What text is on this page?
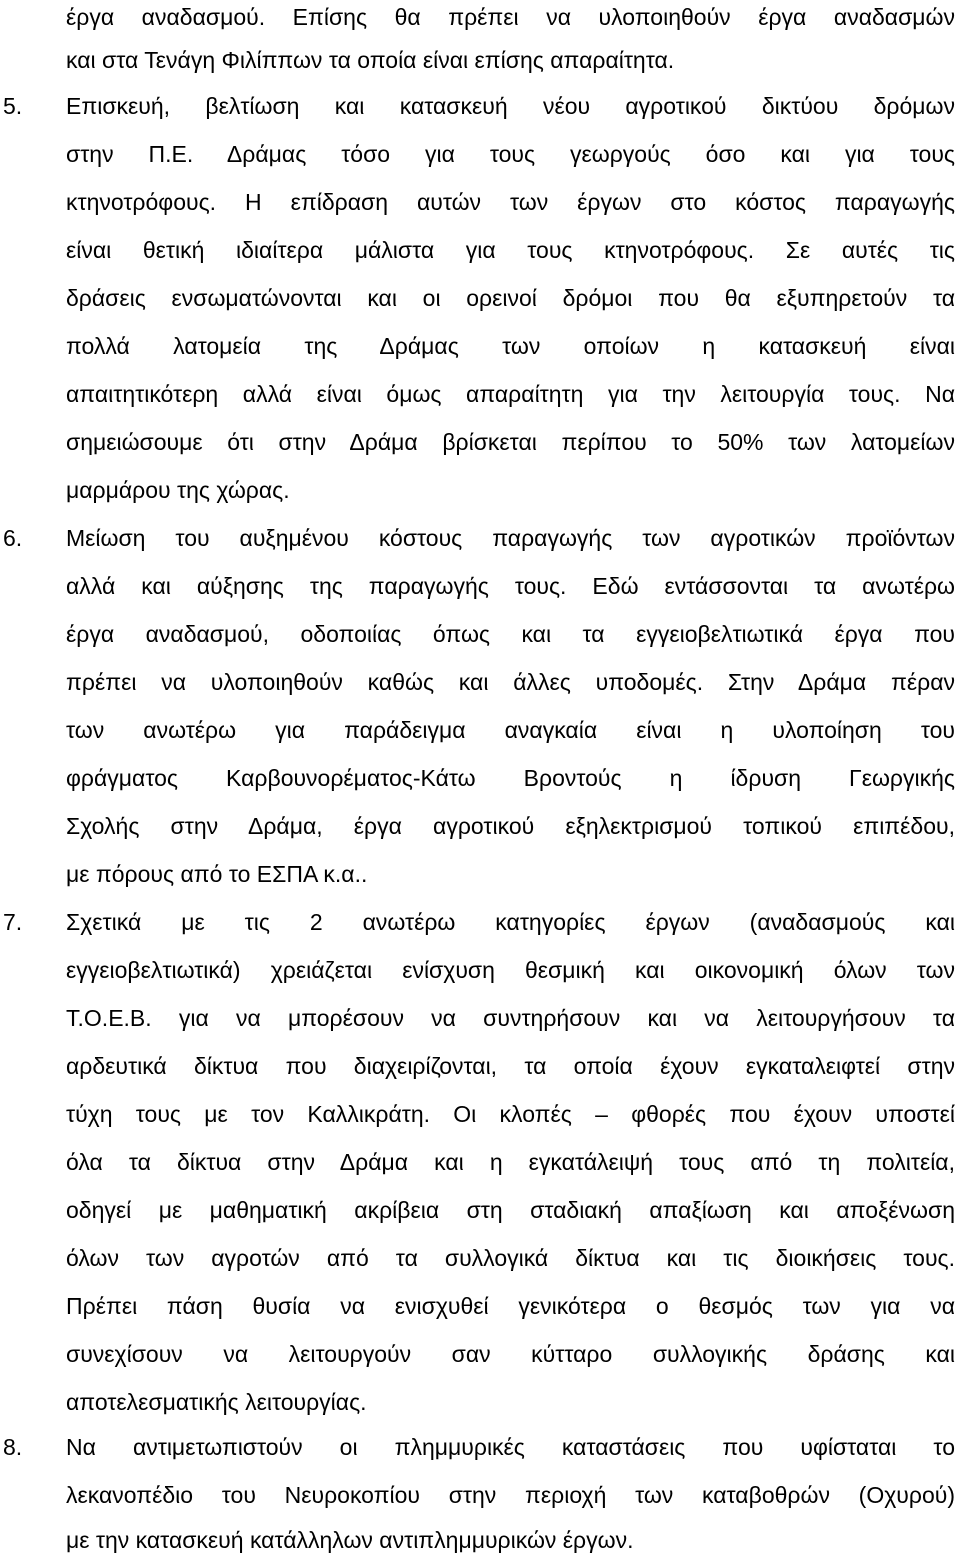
έργα αναδασμού. Επίσης θα πρέπει να υλοποιηθούν έργα αναδασμών
και στα Τενάγη Φιλίππων τα οποία είναι επίσης απαραίτητα.
5. Επισκευή, βελτίωση και κατασκευή νέου αγροτικού δικτύου δρόμων
στην Π.Ε. Δράμας τόσο για τους γεωργούς όσο και για τους
κτηνοτρόφους. Η επίδραση αυτών των έργων στο κόστος παραγωγής
είναι θετική ιδιαίτερα μάλιστα για τους κτηνοτρόφους. Σε αυτές τις
δράσεις ενσωματώνονται και οι ορεινοί δρόμοι που θα εξυπηρετούν τα
πολλά λατομεία της Δράμας των οποίων η κατασκευή είναι
απαιτητικότερη αλλά είναι όμως απαραίτητη για την λειτουργία τους. Να
σημειώσουμε ότι στην Δράμα βρίσκεται περίπου το 50% των λατομείων
μαρμάρου της χώρας.
6. Μείωση του αυξημένου κόστους παραγωγής των αγροτικών προϊόντων
αλλά και αύξησης της παραγωγής τους. Εδώ εντάσσονται τα ανωτέρω
έργα αναδασμού, οδοποιίας όπως και τα εγγειοβελτιωτικά έργα που
πρέπει να υλοποιηθούν καθώς και άλλες υποδομές. Στην Δράμα πέραν
των ανωτέρω για παράδειγμα αναγκαία είναι η υλοποίηση του
φράγματος Καρβουνορέματος-Κάτω Βροντούς η ίδρυση Γεωργικής
Σχολής στην Δράμα, έργα αγροτικού εξηλεκτρισμού τοπικού επιπέδου,
με πόρους από το ΕΣΠΑ κ.α..
7. Σχετικά με τις 2 ανωτέρω κατηγορίες έργων (αναδασμούς και
εγγειοβελτιωτικά) χρειάζεται ενίσχυση θεσμική και οικονομική όλων των
Τ.Ο.Ε.Β. για να μπορέσουν να συντηρήσουν και να λειτουργήσουν τα
αρδευτικά δίκτυα που διαχειρίζονται, τα οποία έχουν εγκαταλειφτεί στην
τύχη τους με τον Καλλικράτη. Οι κλοπές – φθορές που έχουν υποστεί
όλα τα δίκτυα στην Δράμα και η εγκατάλειψή τους από τη πολιτεία,
οδηγεί με μαθηματική ακρίβεια στη σταδιακή απαξίωση και αποξένωση
όλων των αγροτών από τα συλλογικά δίκτυα και τις διοικήσεις τους.
Πρέπει πάση θυσία να ενισχυθεί γενικότερα ο θεσμός των για να
συνεχίσουν να λειτουργούν σαν κύτταρο συλλογικής δράσης και
αποτελεσματικής λειτουργίας.
8. Να αντιμετωπιστούν οι πλημμυρικές καταστάσεις που υφίσταται το
λεκανοπέδιο του Νευροκοπίου στην περιοχή των καταβοθρών (Οχυρού)
με την κατασκευή κατάλληλων αντιπλημμυρικών έργων.
